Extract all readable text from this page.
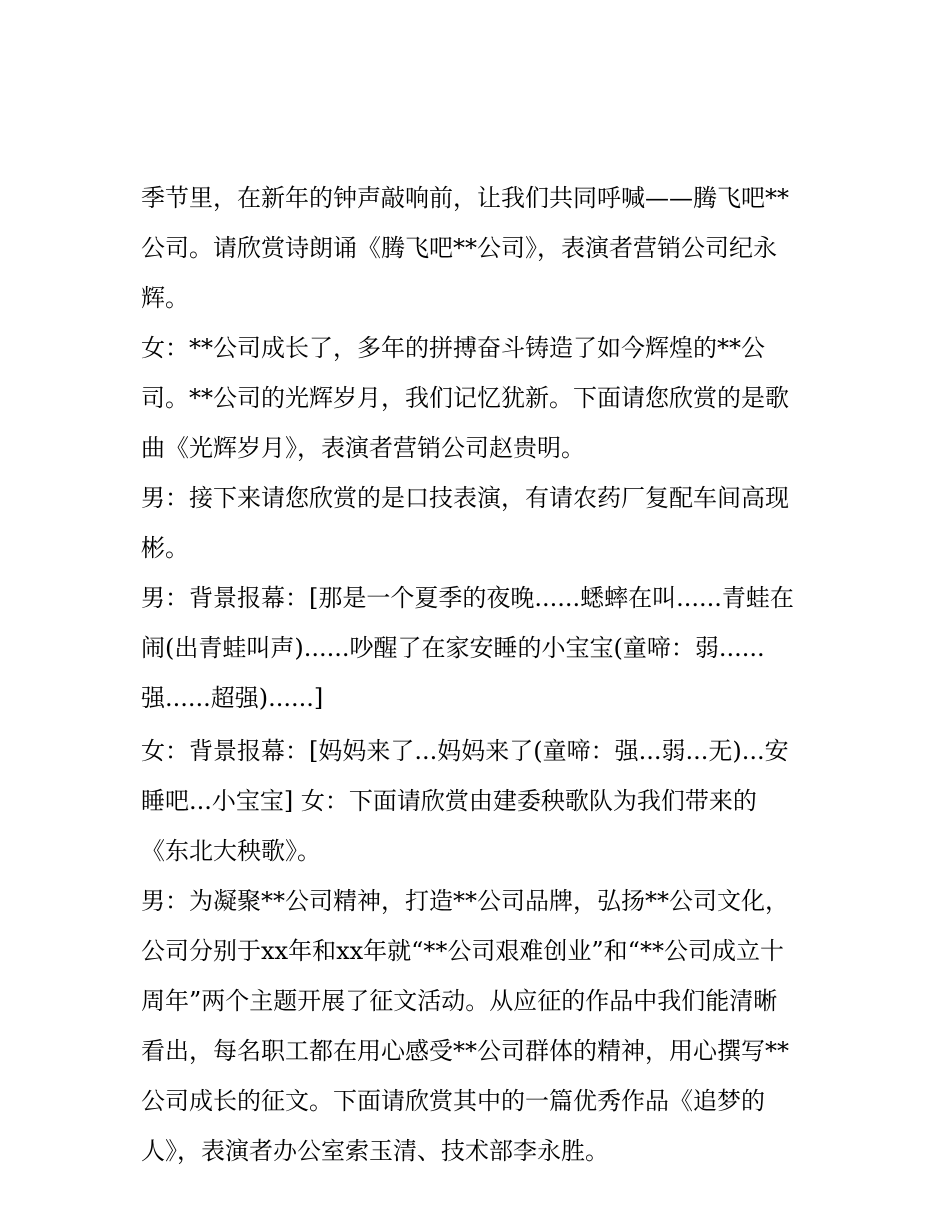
季节里，在新年的钟声敲响前，让我们共同呼喊——腾飞吧**
公司。请欣赏诗朗诵《腾飞吧**公司》，表演者营销公司纪永
辉。
女：**公司成长了，多年的拼搏奋斗铸造了如今辉煌的**公
司。**公司的光辉岁月，我们记忆犹新。下面请您欣赏的是歌
曲《光辉岁月》，表演者营销公司赵贵明。
男：接下来请您欣赏的是口技表演，有请农药厂复配车间高现
彬。
男：背景报幕：[那是一个夏季的夜晚......蟋蟀在叫......青蛙在
闹(出青蛙叫声)......吵醒了在家安睡的小宝宝(童啼：弱......
强......超强)......]
女：背景报幕：[妈妈来了...妈妈来了(童啼：强...弱...无)...安
睡吧...小宝宝] 女：下面请欣赏由建委秧歌队为我们带来的
《东北大秧歌》。
男：为凝聚**公司精神，打造**公司品牌，弘扬**公司文化，
公司分别于xx年和xx年就“**公司艰难创业”和“**公司成立十
周年”两个主题开展了征文活动。从应征的作品中我们能清晰
看出，每名职工都在用心感受**公司群体的精神，用心撰写**
公司成长的征文。下面请欣赏其中的一篇优秀作品《追梦的
人》，表演者办公室索玉清、技术部李永胜。
